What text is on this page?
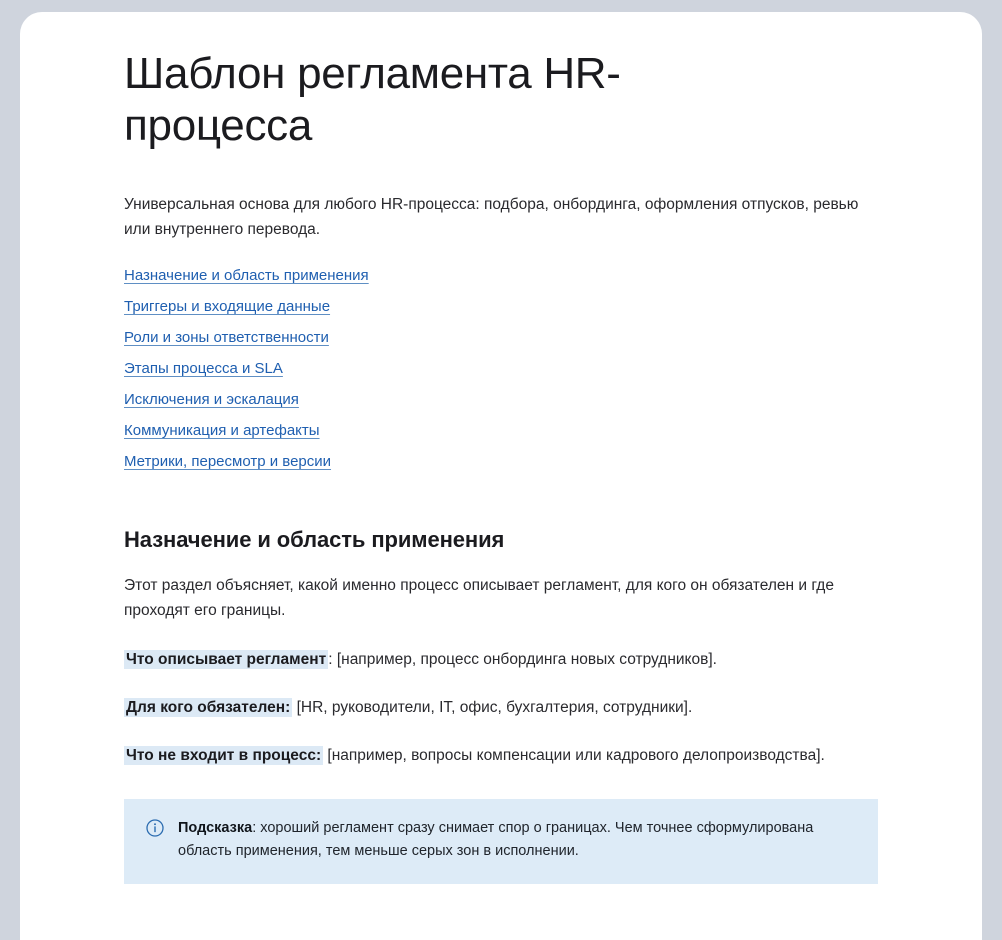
Шаблон регламента HR-процесса

Универсальная основа для любого HR-процесса: подбора, онбординга, оформления отпусков, ревью или внутреннего перевода.

Назначение и область применения
Триггеры и входящие данные
Роли и зоны ответственности
Этапы процесса и SLA
Исключения и эскалация
Коммуникация и артефакты
Метрики, пересмотр и версии
Назначение и область применения

Этот раздел объясняет, какой именно процесс описывает регламент, для кого он обязателен и где проходят его границы.

Что описывает регламент : [например, процесс онбординга новых сотрудников].

Для кого обязателен: [HR, руководители, IT, офис, бухгалтерия, сотрудники].

Что не входит в процесс: [например, вопросы компенсации или кадрового делопроизводства].

Подсказка: хороший регламент сразу снимает спор о границах. Чем точнее сформулирована область применения, тем меньше серых зон в исполнении.
